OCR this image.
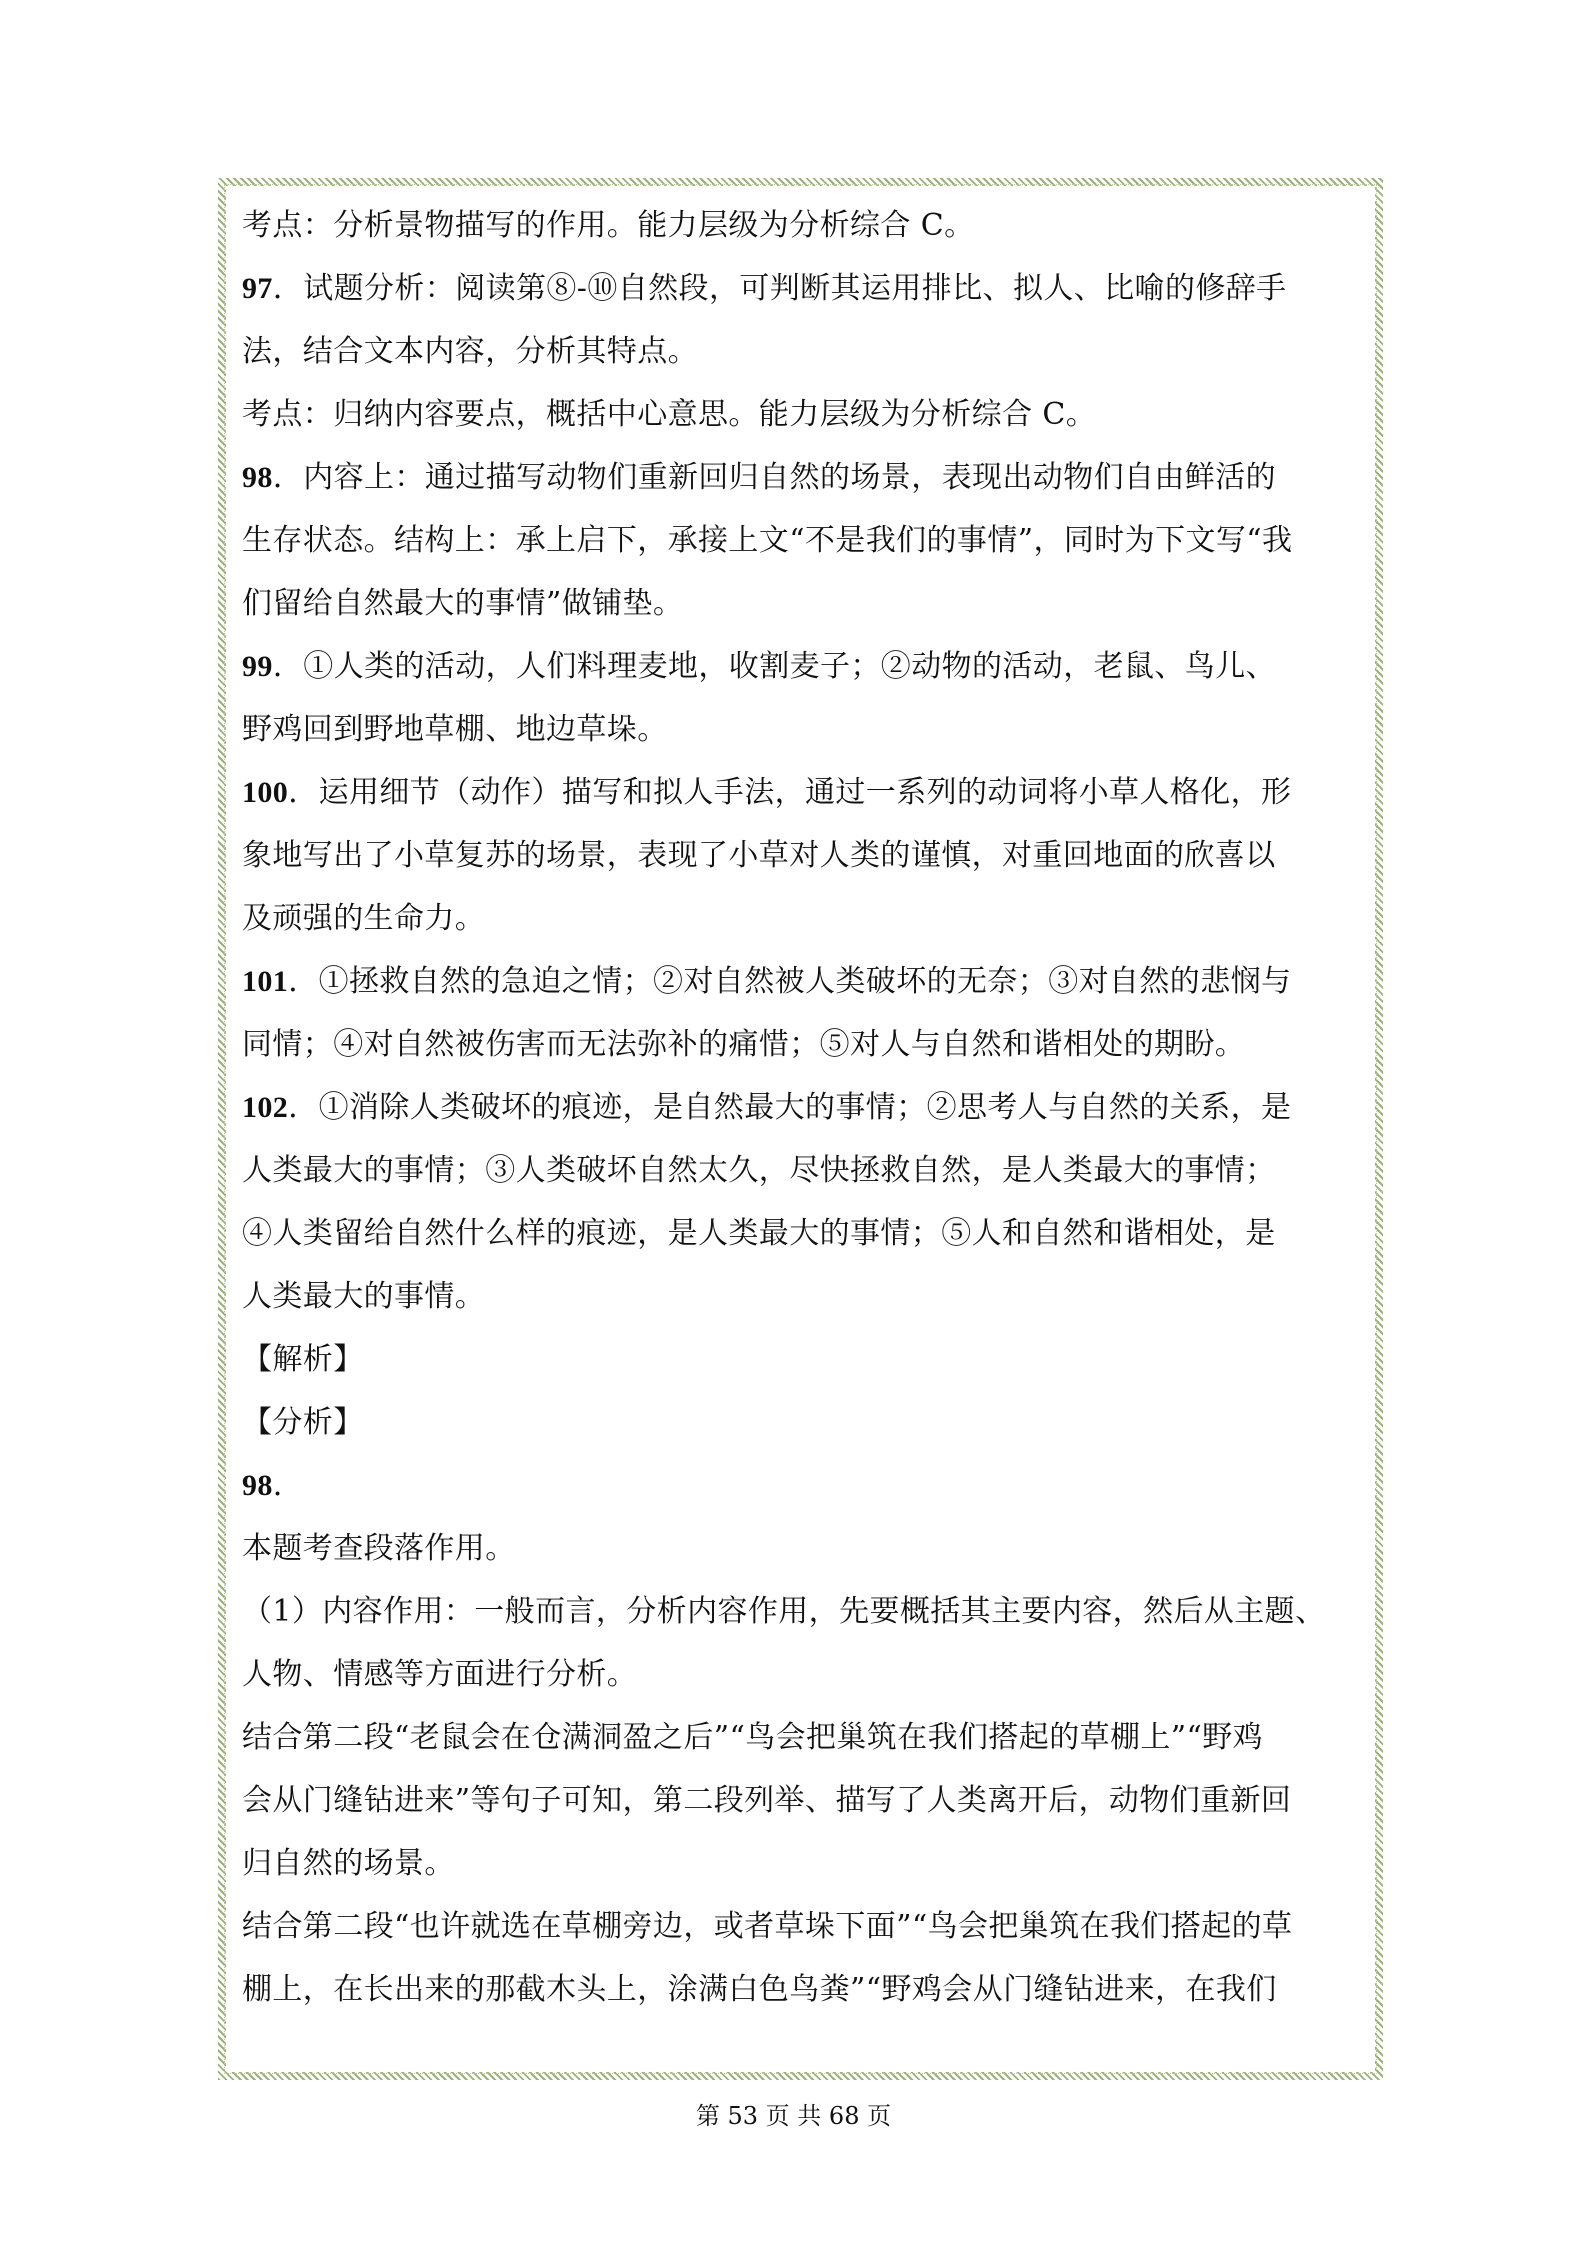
考点：分析景物描写的作用。能力层级为分析综合 C。
97．试题分析：阅读第⑧-⑩自然段，可判断其运用排比、拟人、比喻的修辞手
法，结合文本内容，分析其特点。
考点：归纳内容要点，概括中心意思。能力层级为分析综合 C。
98．内容上：通过描写动物们重新回归自然的场景，表现出动物们自由鲜活的
生存状态。结构上：承上启下，承接上文“不是我们的事情”，同时为下文写“我
们留给自然最大的事情”做铺垫。
99．①人类的活动，人们料理麦地，收割麦子；②动物的活动，老鼠、鸟儿、
野鸡回到野地草棚、地边草垛。
100．运用细节（动作）描写和拟人手法，通过一系列的动词将小草人格化，形
象地写出了小草复苏的场景，表现了小草对人类的谨慎，对重回地面的欣喜以
及顽强的生命力。
101．①拯救自然的急迫之情；②对自然被人类破坏的无奈；③对自然的悲悯与
同情；④对自然被伤害而无法弥补的痛惜；⑤对人与自然和谐相处的期盼。
102．①消除人类破坏的痕迹，是自然最大的事情；②思考人与自然的关系，是
人类最大的事情；③人类破坏自然太久，尽快拯救自然，是人类最大的事情；
④人类留给自然什么样的痕迹，是人类最大的事情；⑤人和自然和谐相处，是
人类最大的事情。
【解析】
【分析】
98．
本题考查段落作用。
（1）内容作用：一般而言，分析内容作用，先要概括其主要内容，然后从主题、
人物、情感等方面进行分析。
结合第二段“老鼠会在仓满洞盈之后”“鸟会把巢筑在我们搭起的草棚上”“野鸡
会从门缝钻进来”等句子可知，第二段列举、描写了人类离开后，动物们重新回
归自然的场景。
结合第二段“也许就选在草棚旁边，或者草垛下面”“鸟会把巢筑在我们搭起的草
棚上，在长出来的那截木头上，涂满白色鸟粪”“野鸡会从门缝钻进来，在我们
第 53 页 共 68 页
